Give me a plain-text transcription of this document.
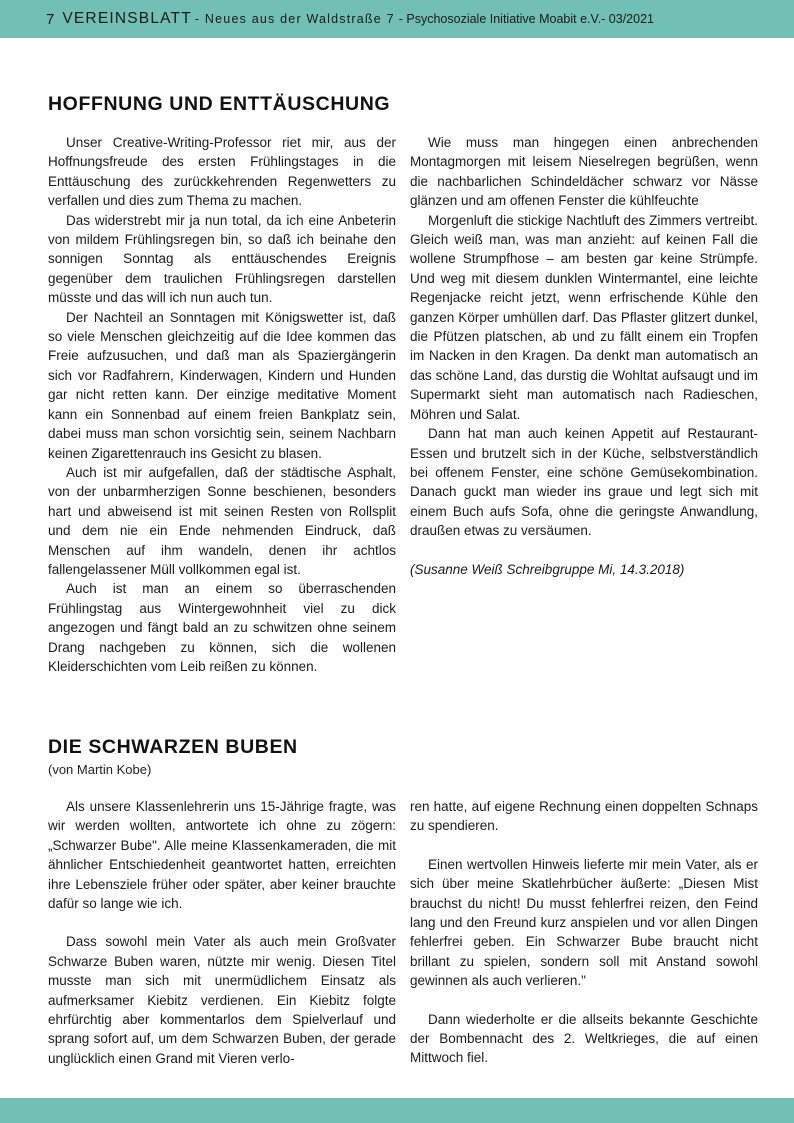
7 VEREINSBLATT - Neues aus der Waldstraße 7 - Psychosoziale Initiative Moabit e.V.- 03/2021
HOFFNUNG UND ENTTÄUSCHUNG

Unser Creative-Writing-Professor riet mir, aus der Hoffnungsfreude des ersten Frühlingstages in die Enttäuschung des zurückkehrenden Regenwetters zu verfallen und dies zum Thema zu machen.

Das widerstrebt mir ja nun total, da ich eine Anbeterin von mildem Frühlingsregen bin, so daß ich beinahe den sonnigen Sonntag als enttäuschendes Ereignis gegenüber dem traulichen Frühlingsregen darstellen müsste und das will ich nun auch tun.

Der Nachteil an Sonntagen mit Königswetter ist, daß so viele Menschen gleichzeitig auf die Idee kommen das Freie aufzusuchen, und daß man als Spaziergängerin sich vor Radfahrern, Kinderwagen, Kindern und Hunden gar nicht retten kann. Der einzige meditative Moment kann ein Sonnenbad auf einem freien Bankplatz sein, dabei muss man schon vorsichtig sein, seinem Nachbarn keinen Zigarettenrauch ins Gesicht zu blasen.

Auch ist mir aufgefallen, daß der städtische Asphalt, von der unbarmherzigen Sonne beschienen, besonders hart und abweisend ist mit seinen Resten von Rollsplit und dem nie ein Ende nehmenden Eindruck, daß Menschen auf ihm wandeln, denen ihr achtlos fallengelassener Müll vollkommen egal ist.

Auch ist man an einem so überraschenden Frühlingstag aus Wintergewohnheit viel zu dick angezogen und fängt bald an zu schwitzen ohne seinem Drang nachgeben zu können, sich die wollenen Kleiderschichten vom Leib reißen zu können.

Wie muss man hingegen einen anbrechenden Montagmorgen mit leisem Nieselregen begrüßen, wenn die nachbarlichen Schindeldächer schwarz vor Nässe glänzen und am offenen Fenster die kühlfeuchte

Morgenluft die stickige Nachtluft des Zimmers vertreibt. Gleich weiß man, was man anzieht: auf keinen Fall die wollene Strumpfhose – am besten gar keine Strümpfe. Und weg mit diesem dunklen Wintermantel, eine leichte Regenjacke reicht jetzt, wenn erfrischende Kühle den ganzen Körper umhüllen darf. Das Pflaster glitzert dunkel, die Pfützen platschen, ab und zu fällt einem ein Tropfen im Nacken in den Kragen. Da denkt man automatisch an das schöne Land, das durstig die Wohltat aufsaugt und im Supermarkt sieht man automatisch nach Radieschen, Möhren und Salat.

Dann hat man auch keinen Appetit auf Restaurant-Essen und brutzelt sich in der Küche, selbstverständlich bei offenem Fenster, eine schöne Gemüsekombination. Danach guckt man wieder ins graue und legt sich mit einem Buch aufs Sofa, ohne die geringste Anwandlung, draußen etwas zu versäumen.

(Susanne Weiß Schreibgruppe Mi, 14.3.2018)

DIE SCHWARZEN BUBEN
(von Martin Kobe)

Als unsere Klassenlehrerin uns 15-Jährige fragte, was wir werden wollten, antwortete ich ohne zu zögern: „Schwarzer Bube". Alle meine Klassenkameraden, die mit ähnlicher Entschiedenheit geantwortet hatten, erreichten ihre Lebensziele früher oder später, aber keiner brauchte dafür so lange wie ich.

Dass sowohl mein Vater als auch mein Großvater Schwarze Buben waren, nützte mir wenig. Diesen Titel musste man sich mit unermüdlichem Einsatz als aufmerksamer Kiebitz verdienen. Ein Kiebitz folgte ehrfürchtig aber kommentarlos dem Spielverlauf und sprang sofort auf, um dem Schwarzen Buben, der gerade unglücklich einen Grand mit Vieren verlo-

ren hatte, auf eigene Rechnung einen doppelten Schnaps zu spendieren.

Einen wertvollen Hinweis lieferte mir mein Vater, als er sich über meine Skatlehrbücher äußerte: „Diesen Mist brauchst du nicht! Du musst fehlerfrei reizen, den Feind lang und den Freund kurz anspielen und vor allen Dingen fehlerfrei geben. Ein Schwarzer Bube braucht nicht brillant zu spielen, sondern soll mit Anstand sowohl gewinnen als auch verlieren."

Dann wiederholte er die allseits bekannte Geschichte der Bombennacht des 2. Weltkrieges, die auf einen Mittwoch fiel.
